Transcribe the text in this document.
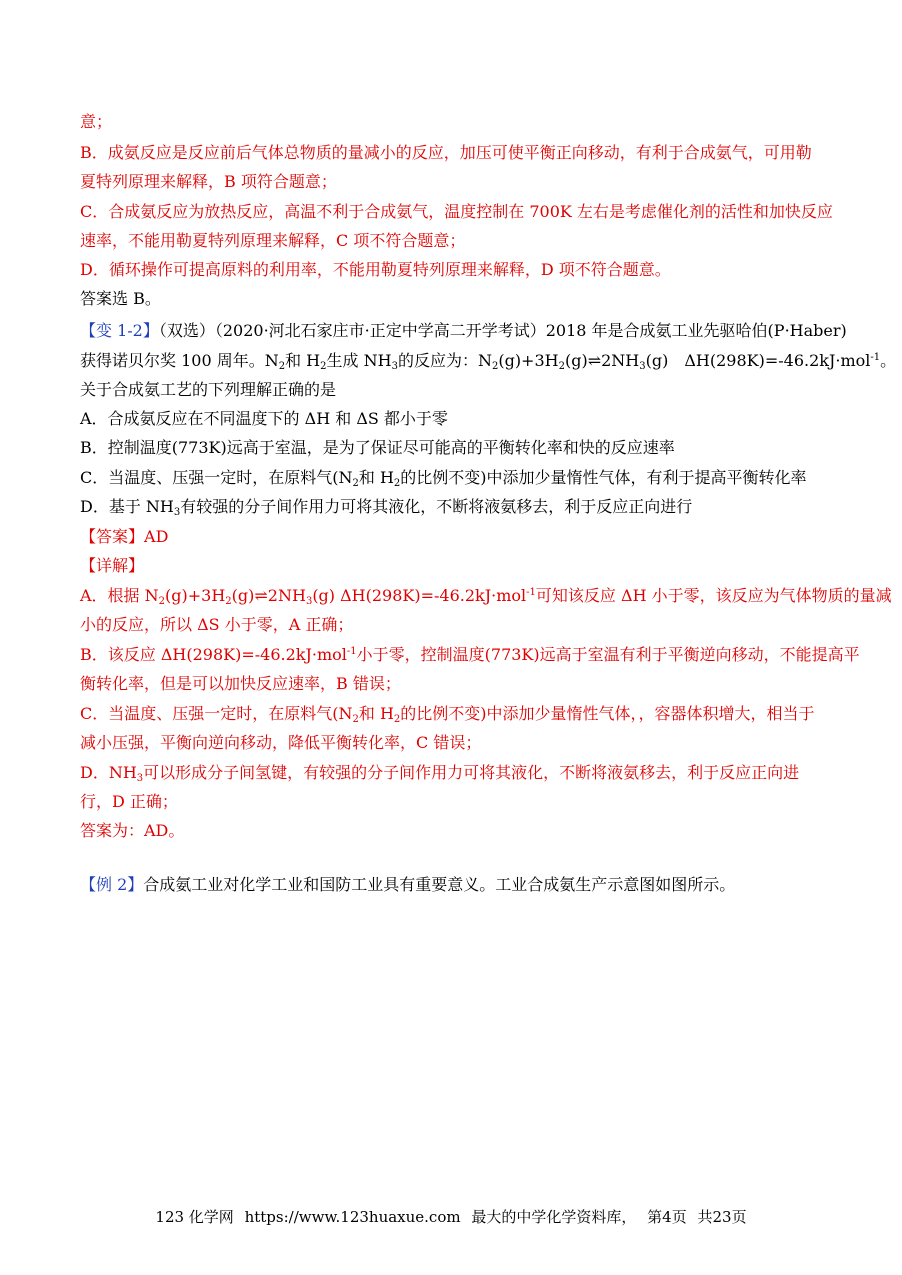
意；
B．成氨反应是反应前后气体总物质的量减小的反应，加压可使平衡正向移动，有利于合成氨气，可用勒
夏特列原理来解释，B 项符合题意；
C．合成氨反应为放热反应，高温不利于合成氨气，温度控制在 700K 左右是考虑催化剂的活性和加快反应
速率，不能用勒夏特列原理来解释，C 项不符合题意；
D．循环操作可提高原料的利用率，不能用勒夏特列原理来解释，D 项不符合题意。
答案选 B。
【变 1-2】（双选）（2020·河北石家庄市·正定中学高二开学考试）2018 年是合成氨工业先驱哈伯(P·Haber)
获得诺贝尔奖 100 周年。$N_2$和 $H_2$生成 $NH_3$的反应为：$N_2(g)+3H_2(g)\rightleftharpoons 2NH_3(g)$　ΔH(298K)=-46.2kJ·mol$^{-1}$。
关于合成氨工艺的下列理解正确的是
A．合成氨反应在不同温度下的 ΔH 和 ΔS 都小于零
B．控制温度(773K)远高于室温，是为了保证尽可能高的平衡转化率和快的反应速率
C．当温度、压强一定时，在原料气($N_2$和 $H_2$的比例不变)中添加少量惰性气体，有利于提高平衡转化率
D．基于 $NH_3$有较强的分子间作用力可将其液化，不断将液氨移去，利于反应正向进行
【答案】AD
【详解】
A．根据 $N_2(g)+3H_2(g)\rightleftharpoons 2NH_3(g)$ ΔH(298K)=-46.2kJ·mol$^{-1}$可知该反应 ΔH 小于零，该反应为气体物质的量减
小的反应，所以 ΔS 小于零，A 正确；
B．该反应 ΔH(298K)=-46.2kJ·mol$^{-1}$小于零，控制温度(773K)远高于室温有利于平衡逆向移动，不能提高平
衡转化率，但是可以加快反应速率，B 错误；
C．当温度、压强一定时，在原料气($N_2$和 $H_2$的比例不变)中添加少量惰性气体，，容器体积增大，相当于
减小压强，平衡向逆向移动，降低平衡转化率，C 错误；
D．$NH_3$可以形成分子间氢键，有较强的分子间作用力可将其液化，不断将液氨移去，利于反应正向进
行，D 正确；
答案为：AD。
【例 2】合成氨工业对化学工业和国防工业具有重要意义。工业合成氨生产示意图如图所示。
123 化学网 https://www.123huaxue.com 最大的中学化学资料库， 第4页 共23页
